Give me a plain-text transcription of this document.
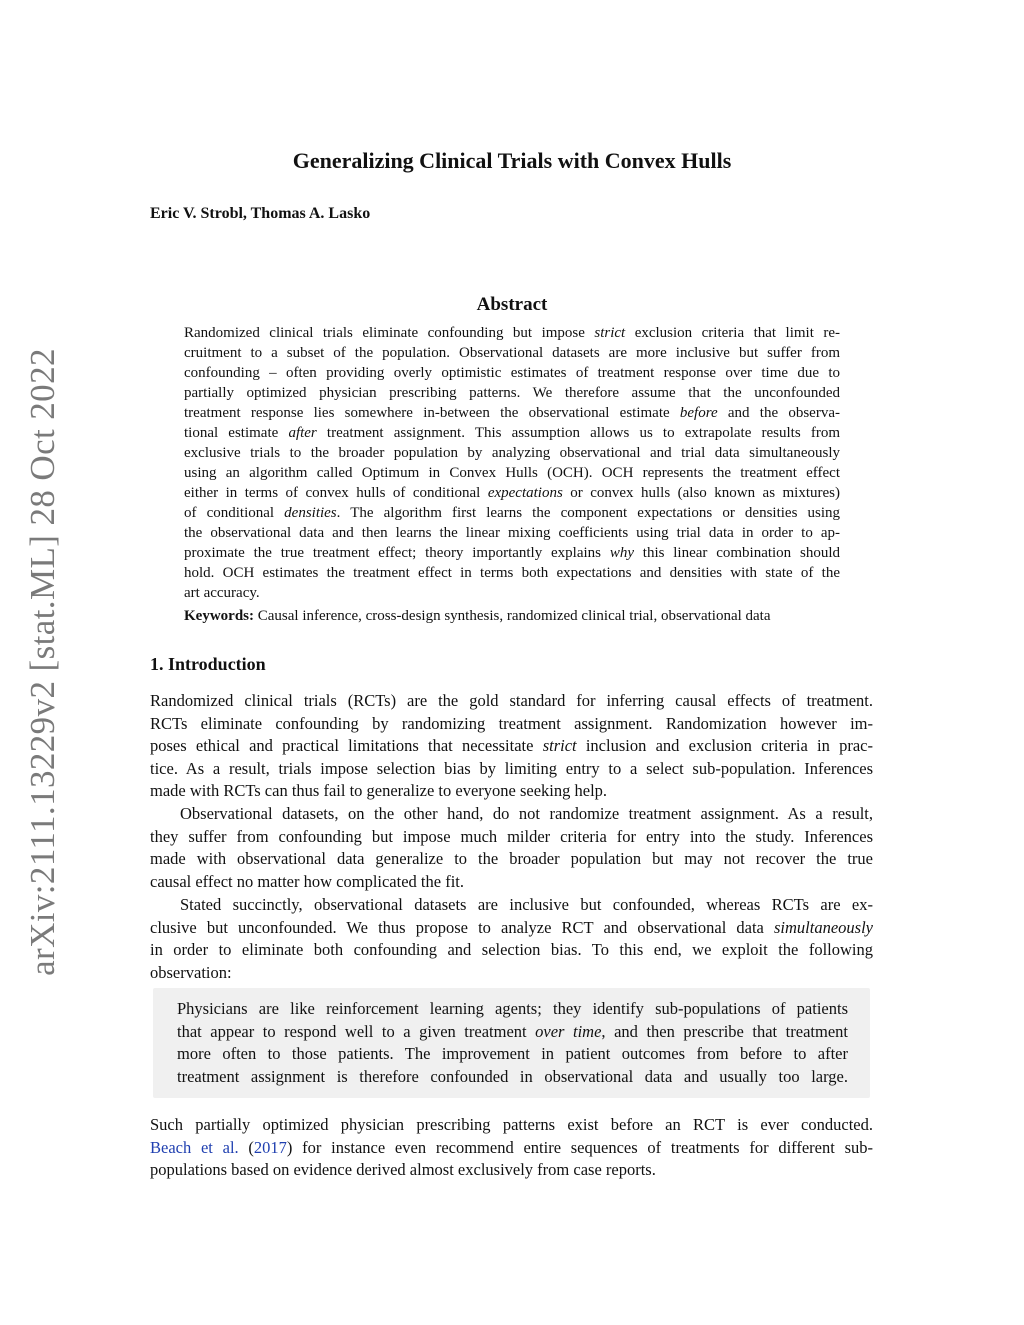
arXiv:2111.13229v2 [stat.ML] 28 Oct 2022
Generalizing Clinical Trials with Convex Hulls
Eric V. Strobl, Thomas A. Lasko
Abstract
Randomized clinical trials eliminate confounding but impose strict exclusion criteria that limit re-
cruitment to a subset of the population. Observational datasets are more inclusive but suffer from
confounding – often providing overly optimistic estimates of treatment response over time due to
partially optimized physician prescribing patterns. We therefore assume that the unconfounded
treatment response lies somewhere in-between the observational estimate before and the observa-
tional estimate after treatment assignment. This assumption allows us to extrapolate results from
exclusive trials to the broader population by analyzing observational and trial data simultaneously
using an algorithm called Optimum in Convex Hulls (OCH). OCH represents the treatment effect
either in terms of convex hulls of conditional expectations or convex hulls (also known as mixtures)
of conditional densities. The algorithm first learns the component expectations or densities using
the observational data and then learns the linear mixing coefficients using trial data in order to ap-
proximate the true treatment effect; theory importantly explains why this linear combination should
hold. OCH estimates the treatment effect in terms both expectations and densities with state of the
art accuracy.
Keywords: Causal inference, cross-design synthesis, randomized clinical trial, observational data
1. Introduction
Randomized clinical trials (RCTs) are the gold standard for inferring causal effects of treatment.
RCTs eliminate confounding by randomizing treatment assignment. Randomization however im-
poses ethical and practical limitations that necessitate strict inclusion and exclusion criteria in prac-
tice. As a result, trials impose selection bias by limiting entry to a select sub-population. Inferences
made with RCTs can thus fail to generalize to everyone seeking help.
Observational datasets, on the other hand, do not randomize treatment assignment. As a result,
they suffer from confounding but impose much milder criteria for entry into the study. Inferences
made with observational data generalize to the broader population but may not recover the true
causal effect no matter how complicated the fit.
Stated succinctly, observational datasets are inclusive but confounded, whereas RCTs are ex-
clusive but unconfounded. We thus propose to analyze RCT and observational data simultaneously
in order to eliminate both confounding and selection bias. To this end, we exploit the following
observation:
Physicians are like reinforcement learning agents; they identify sub-populations of patients
that appear to respond well to a given treatment over time, and then prescribe that treatment
more often to those patients. The improvement in patient outcomes from before to after
treatment assignment is therefore confounded in observational data and usually too large.
Such partially optimized physician prescribing patterns exist before an RCT is ever conducted.
Beach et al. (2017) for instance even recommend entire sequences of treatments for different sub-
populations based on evidence derived almost exclusively from case reports.
